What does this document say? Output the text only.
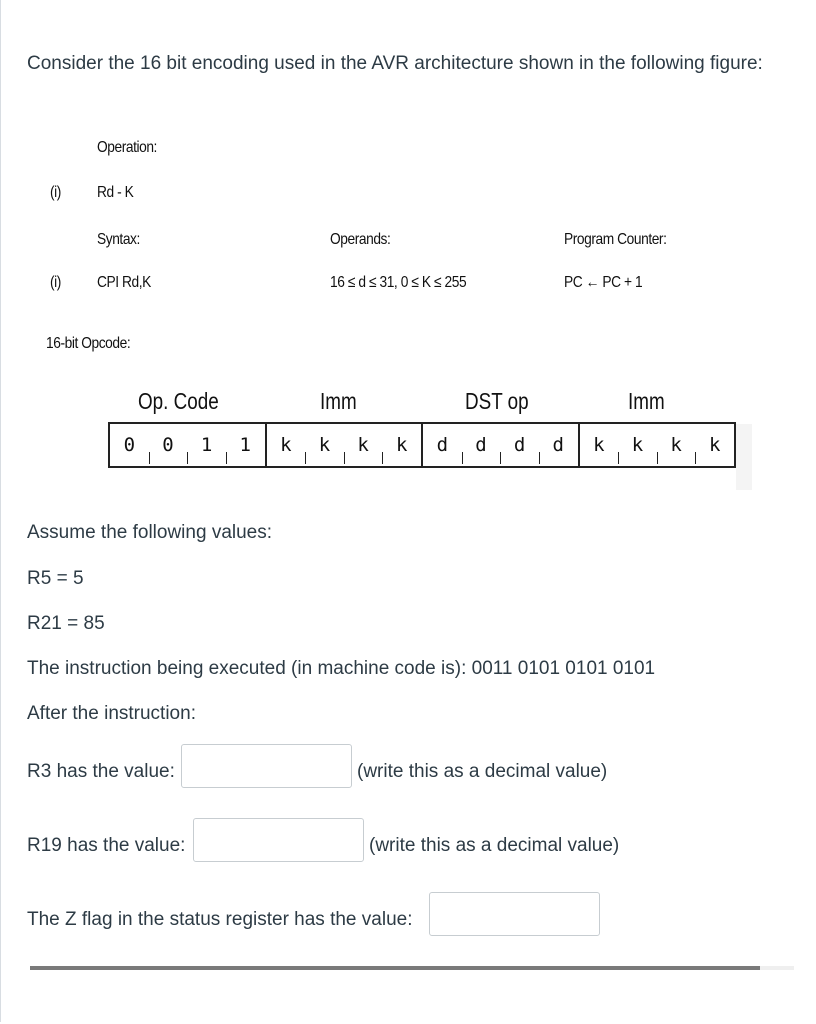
Consider the 16 bit encoding used in the AVR architecture shown in the following figure:
Operation:
(i) Rd - K
Syntax:	Operands:	Program Counter:
(i) CPI Rd,K	16 ≤ d ≤ 31, 0 ≤ K ≤ 255	PC ← PC + 1
16-bit Opcode:
Op. Code	Imm	DST op	Imm
0	0	1	1	k	k	k	k	d	d	d	d	k	k	k	k
Assume the following values:
R5 = 5
R21 = 85
The instruction being executed (in machine code is): 0011 0101 0101 0101
After the instruction:
R3 has the value:	(write this as a decimal value)
R19 has the value:	(write this as a decimal value)
The Z flag in the status register has the value:
